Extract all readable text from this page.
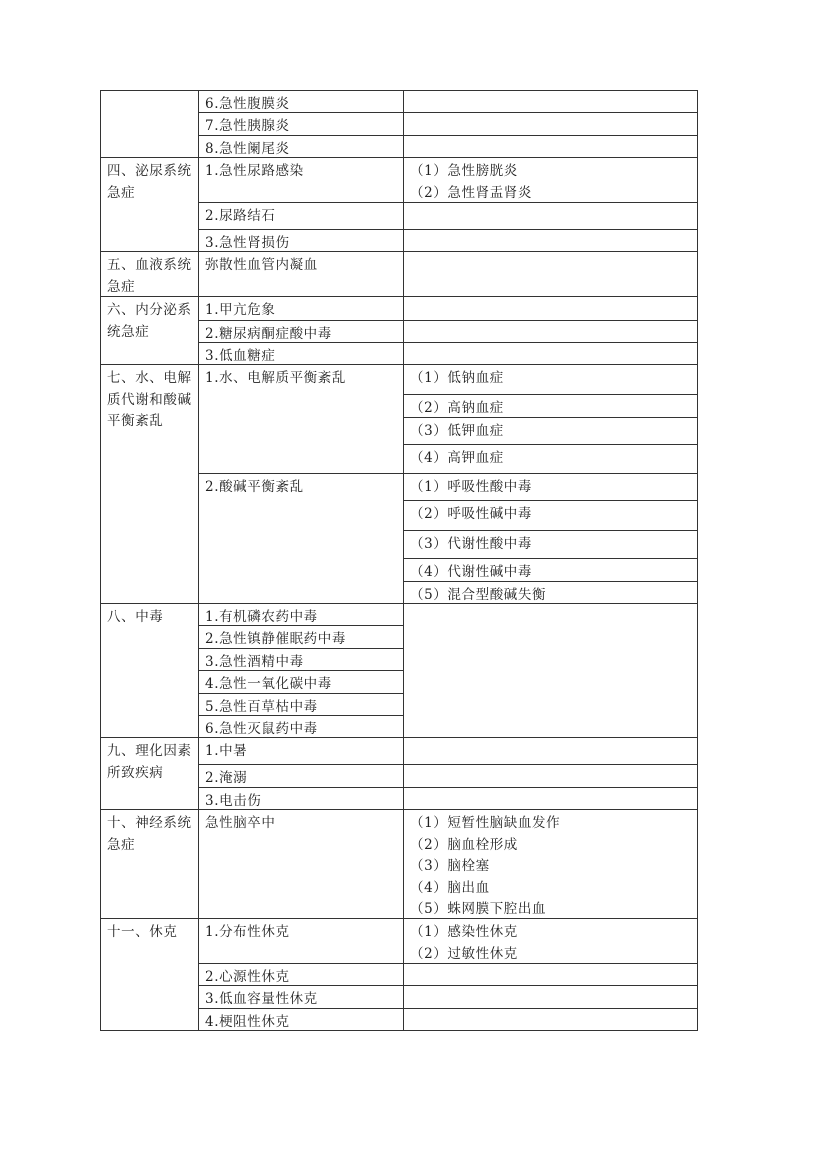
四、泌尿系统急症
五、血液系统急症
六、内分泌系统急症
七、水、电解质代谢和酸碱平衡紊乱
八、中毒
九、理化因素所致疾病
十、神经系统急症
十一、休克
6.急性腹膜炎
7.急性胰腺炎
8.急性阑尾炎
1.急性尿路感染
2.尿路结石
3.急性肾损伤
弥散性血管内凝血
1.甲亢危象
2.糖尿病酮症酸中毒
3.低血糖症
1.水、电解质平衡紊乱
2.酸碱平衡紊乱
1.有机磷农药中毒
2.急性镇静催眠药中毒
3.急性酒精中毒
4.急性一氧化碳中毒
5.急性百草枯中毒
6.急性灭鼠药中毒
1.中暑
2.淹溺
3.电击伤
急性脑卒中
1.分布性休克
2.心源性休克
3.低血容量性休克
4.梗阻性休克
（1）急性膀胱炎
（2）急性肾盂肾炎
（1）低钠血症
（2）高钠血症
（3）低钾血症
（4）高钾血症
（1）呼吸性酸中毒
（2）呼吸性碱中毒
（3）代谢性酸中毒
（4）代谢性碱中毒
（5）混合型酸碱失衡
（1）短暂性脑缺血发作
（2）脑血栓形成
（3）脑栓塞
（4）脑出血
（5）蛛网膜下腔出血
（1）感染性休克
（2）过敏性休克
